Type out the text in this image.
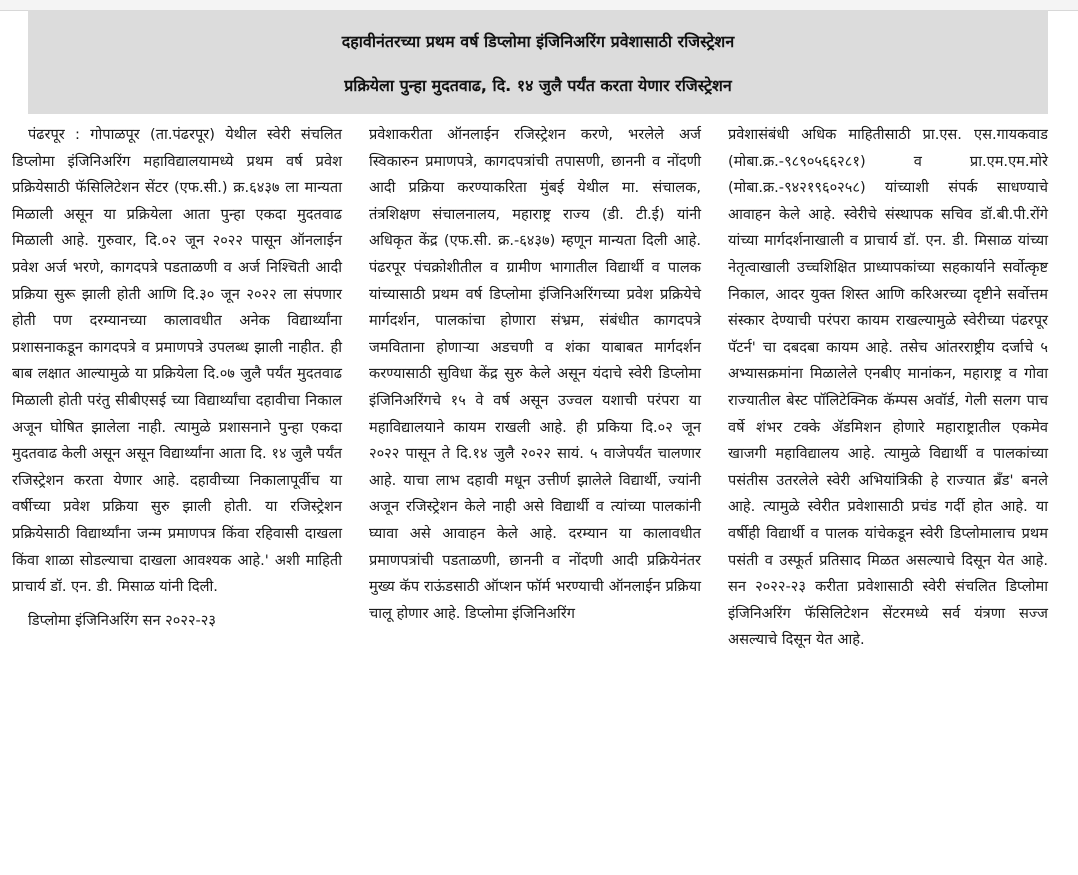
दहावीनंतरच्या प्रथम वर्ष डिप्लोमा इंजिनिअरिंग प्रवेशासाठी रजिस्ट्रेशन
प्रक्रियेला पुन्हा मुदतवाढ, दि. १४ जुलै पर्यंत करता येणार रजिस्ट्रेशन

पंढरपूर : गोपाळपूर (ता.पंढरपूर) येथील स्वेरी संचलित डिप्लोमा इंजिनिअरिंग महाविद्यालयामध्ये प्रथम वर्ष प्रवेश प्रक्रियेसाठी फॅसिलिटेशन सेंटर (एफ.सी.) क्र.६४३७ ला मान्यता मिळाली असून या प्रक्रियेला आता पुन्हा एकदा मुदतवाढ मिळाली आहे. गुरुवार, दि.०२ जून २०२२ पासून ऑनलाईन प्रवेश अर्ज भरणे, कागदपत्रे पडताळणी व अर्ज निश्चिती आदी प्रक्रिया सुरू झाली होती आणि दि.३० जून २०२२ ला संपणार होती पण दरम्यानच्या कालावधीत अनेक विद्यार्थ्यांना प्रशासनाकडून कागदपत्रे व प्रमाणपत्रे उपलब्ध झाली नाहीत. ही बाब लक्षात आल्यामुळे या प्रक्रियेला दि.०७ जुलै पर्यंत मुदतवाढ मिळाली होती परंतु सीबीएसई च्या विद्यार्थ्यांचा दहावीचा निकाल अजून घोषित झालेला नाही. त्यामुळे प्रशासनाने पुन्हा एकदा मुदतवाढ केली असून असून विद्यार्थ्यांना आता दि. १४ जुलै पर्यंत रजिस्ट्रेशन करता येणार आहे. दहावीच्या निकालापूर्वीच या वर्षीच्या प्रवेश प्रक्रिया सुरु झाली होती. या रजिस्ट्रेशन प्रक्रियेसाठी विद्यार्थ्यांना जन्म प्रमाणपत्र किंवा रहिवासी दाखला किंवा शाळा सोडल्याचा दाखला आवश्यक आहे.' अशी माहिती प्राचार्य डॉ. एन. डी. मिसाळ यांनी दिली.

डिप्लोमा इंजिनिअरिंग सन २०२२-२३

प्रवेशाकरीता ऑनलाईन रजिस्ट्रेशन करणे, भरलेले अर्ज स्विकारुन प्रमाणपत्रे, कागदपत्रांची तपासणी, छाननी व नोंदणी आदी प्रक्रिया करण्याकरिता मुंबई येथील मा. संचालक, तंत्रशिक्षण संचालनालय, महाराष्ट्र राज्य (डी. टी.ई) यांनी अधिकृत केंद्र (एफ.सी. क्र.-६४३७) म्हणून मान्यता दिली आहे. पंढरपूर पंचक्रोशीतील व ग्रामीण भागातील विद्यार्थी व पालक यांच्यासाठी प्रथम वर्ष डिप्लोमा इंजिनिअरिंगच्या प्रवेश प्रक्रियेचे मार्गदर्शन, पालकांचा होणारा संभ्रम, संबंधीत कागदपत्रे जमविताना होणाऱ्या अडचणी व शंका याबाबत मार्गदर्शन करण्यासाठी सुविधा केंद्र सुरु केले असून यंदाचे स्वेरी डिप्लोमा इंजिनिअरिंगचे १५ वे वर्ष असून उज्वल यशाची परंपरा या महाविद्यालयाने कायम राखली आहे. ही प्रकिया दि.०२ जून २०२२ पासून ते दि.१४ जुलै २०२२ सायं. ५ वाजेपर्यंत चालणार आहे. याचा लाभ दहावी मधून उत्तीर्ण झालेले विद्यार्थी, ज्यांनी अजून रजिस्ट्रेशन केले नाही असे विद्यार्थी व त्यांच्या पालकांनी घ्यावा असे आवाहन केले आहे. दरम्यान या कालावधीत प्रमाणपत्रांची पडताळणी, छाननी व नोंदणी आदी प्रक्रियेनंतर मुख्य कॅप राऊंडसाठी ऑप्शन फॉर्म भरण्याची ऑनलाईन प्रक्रिया चालू होणार आहे. डिप्लोमा इंजिनिअरिंग

प्रवेशासंबंधी अधिक माहितीसाठी प्रा.एस. एस.गायकवाड (मोबा.क्र.-९८९०५६६२८१) व प्रा.एम.एम.मोरे (मोबा.क्र.-९४२१९६०२५८) यांच्याशी संपर्क साधण्याचे आवाहन केले आहे. स्वेरीचे संस्थापक सचिव डॉ.बी.पी.रोंगे यांच्या मार्गदर्शनाखाली व प्राचार्य डॉ. एन. डी. मिसाळ यांच्या नेतृत्वाखाली उच्चशिक्षित प्राध्यापकांच्या सहकार्याने सर्वोत्कृष्ट निकाल, आदर युक्त शिस्त आणि करिअरच्या दृष्टीने सर्वोत्तम संस्कार देण्याची परंपरा कायम राखल्यामुळे स्वेरीच्या पंढरपूर पॅटर्न' चा दबदबा कायम आहे. तसेच आंतरराष्ट्रीय दर्जाचे ५ अभ्यासक्रमांना मिळालेले एनबीए मानांकन, महाराष्ट्र व गोवा राज्यातील बेस्ट पॉलिटेक्निक कॅम्पस अवॉर्ड, गेली सलग पाच वर्षे शंभर टक्के ॲडमिशन होणारे महाराष्ट्रातील एकमेव खाजगी महाविद्यालय आहे. त्यामुळे विद्यार्थी व पालकांच्या पसंतीस उतरलेले स्वेरी अभियांत्रिकी हे राज्यात ब्रँड' बनले आहे. त्यामुळे स्वेरीत प्रवेशासाठी प्रचंड गर्दी होत आहे. या वर्षीही विद्यार्थी व पालक यांचेकडून स्वेरी डिप्लोमालाच प्रथम पसंती व उस्फूर्त प्रतिसाद मिळत असल्याचे दिसून येत आहे. सन २०२२-२३ करीता प्रवेशासाठी स्वेरी संचलित डिप्लोमा इंजिनिअरिंग फॅसिलिटेशन सेंटरमध्ये सर्व यंत्रणा सज्ज असल्याचे दिसून येत आहे.
